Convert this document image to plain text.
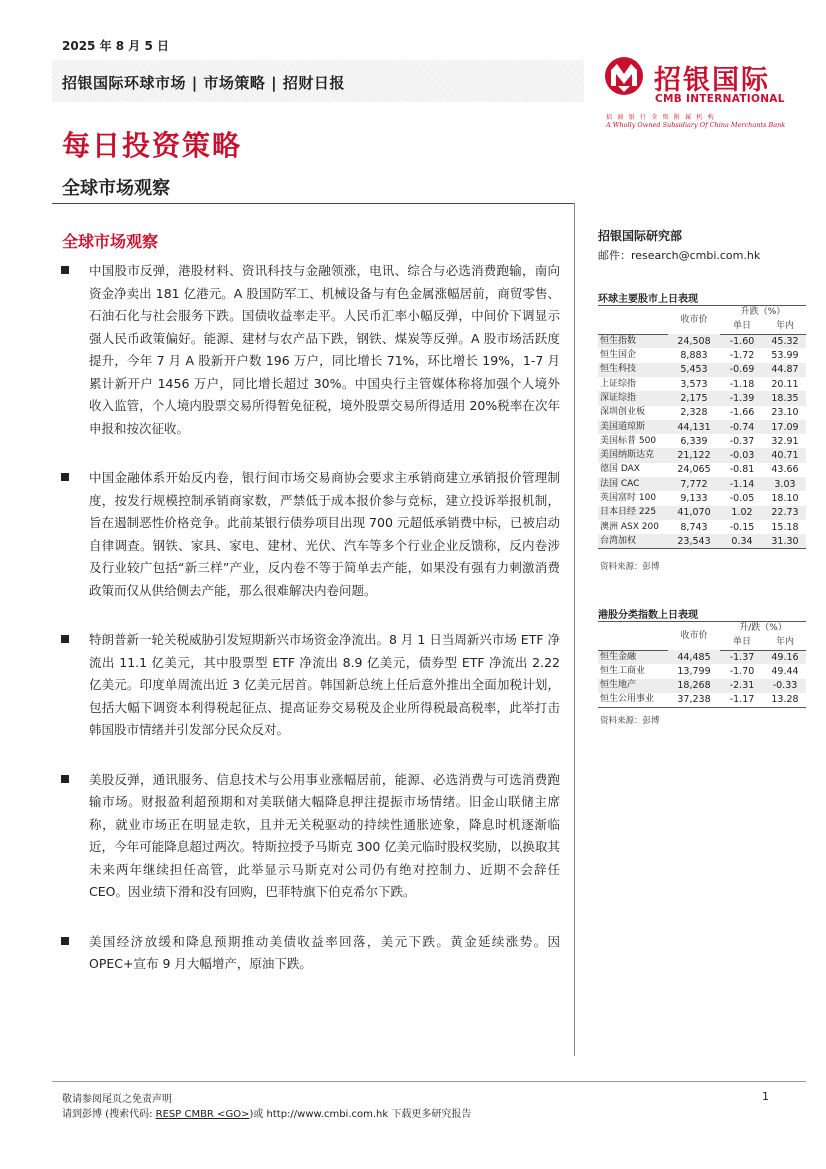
2025 年 8 月 5 日
招银国际环球市场 | 市场策略 | 招财日报	招银国际
CMB INTERNATIONAL
招商银行全资附属机构
A Wholly Owned Subsidiary Of China Merchants Bank
每日投资策略
全球市场观察
全球市场观察
中国股市反弹，港股材料、资讯科技与金融领涨，电讯、综合与必选消费跑输，南向资金净卖出 181 亿港元。A 股国防军工、机械设备与有色金属涨幅居前，商贸零售、石油石化与社会服务下跌。国债收益率走平。人民币汇率小幅反弹，中间价下调显示强人民币政策偏好。能源、建材与农产品下跌，钢铁、煤炭等反弹。A 股市场活跃度提升，今年 7 月 A 股新开户数 196 万户，同比增长 71%，环比增长 19%，1-7 月累计新开户 1456 万户，同比增长超过 30%。中国央行主管媒体称将加强个人境外收入监管，个人境内股票交易所得暂免征税，境外股票交易所得适用 20%税率在次年申报和按次征收。
中国金融体系开始反内卷，银行间市场交易商协会要求主承销商建立承销报价管理制度，按发行规模控制承销商家数，严禁低于成本报价参与竞标，建立投诉举报机制，旨在遏制恶性价格竞争。此前某银行债券项目出现 700 元超低承销费中标，已被启动自律调查。钢铁、家具、家电、建材、光伏、汽车等多个行业企业反馈称，反内卷涉及行业较广包括“新三样”产业，反内卷不等于简单去产能，如果没有强有力刺激消费政策而仅从供给侧去产能，那么很难解决内卷问题。
特朗普新一轮关税威胁引发短期新兴市场资金净流出。8 月 1 日当周新兴市场 ETF 净流出 11.1 亿美元，其中股票型 ETF 净流出 8.9 亿美元，债券型 ETF 净流出 2.22 亿美元。印度单周流出近 3 亿美元居首。韩国新总统上任后意外推出全面加税计划，包括大幅下调资本利得税起征点、提高证券交易税及企业所得税最高税率，此举打击韩国股市情绪并引发部分民众反对。
美股反弹，通讯服务、信息技术与公用事业涨幅居前，能源、必选消费与可选消费跑输市场。财报盈利超预期和对美联储大幅降息押注提振市场情绪。旧金山联储主席称，就业市场正在明显走软，且并无关税驱动的持续性通胀迹象，降息时机逐渐临近，今年可能降息超过两次。特斯拉授予马斯克 300 亿美元临时股权奖励，以换取其未来两年继续担任高管，此举显示马斯克对公司仍有绝对控制力、近期不会辞任 CEO。因业绩下滑和没有回购，巴菲特旗下伯克希尔下跌。
美国经济放缓和降息预期推动美债收益率回落，美元下跌。黄金延续涨势。因 OPEC+宣布 9 月大幅增产，原油下跌。
招银国际研究部
邮件：research@cmbi.com.hk
环球主要股市上日表现
	收市价	升跌（%）	
		单日	年内
恒生指数	24,508	-1.60	45.32
恒生国企	8,883	-1.72	53.99
恒生科技	5,453	-0.69	44.87
上证综指	3,573	-1.18	20.11
深证综指	2,175	-1.39	18.35
深圳创业板	2,328	-1.66	23.10
美国道琼斯	44,131	-0.74	17.09
美国标普 500	6,339	-0.37	32.91
美国纳斯达克	21,122	-0.03	40.71
德国 DAX	24,065	-0.81	43.66
法国 CAC	7,772	-1.14	3.03
英国富时 100	9,133	-0.05	18.10
日本日经 225	41,070	1.02	22.73
澳洲 ASX 200	8,743	-0.15	15.18
台湾加权	23,543	0.34	31.30
资料来源：彭博
港股分类指数上日表现
	收市价	升/跌（%）	
		单日	年内
恒生金融	44,485	-1.37	49.16
恒生工商业	13,799	-1.70	49.44
恒生地产	18,268	-2.31	-0.33
恒生公用事业	37,238	-1.17	13.28
资料来源：彭博
敬请参阅尾页之免责声明
请到彭博 (搜索代码: RESP CMBR <GO>)或 http://www.cmbi.com.hk 下载更多研究报告
1
